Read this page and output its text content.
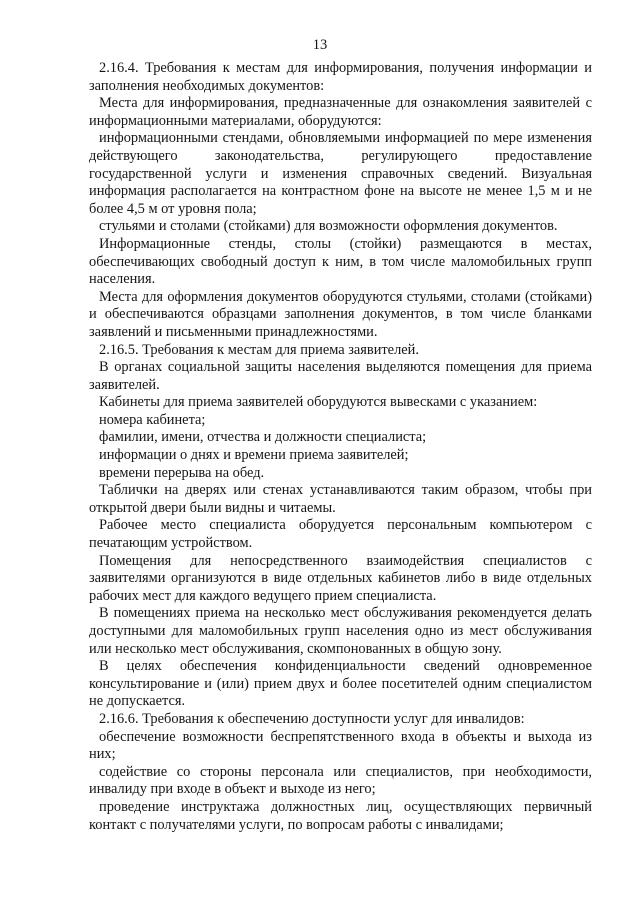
13

2.16.4. Требования к местам для информирования, получения информации и заполнения необходимых документов:

Места для информирования, предназначенные для ознакомления заявителей с информационными материалами, оборудуются:

информационными стендами, обновляемыми информацией по мере изменения действующего законодательства, регулирующего предоставление государственной услуги и изменения справочных сведений. Визуальная информация располагается на контрастном фоне на высоте не менее 1,5 м и не более 4,5 м от уровня пола;

стульями и столами (стойками) для возможности оформления документов.

Информационные стенды, столы (стойки) размещаются в местах, обеспечивающих свободный доступ к ним, в том числе маломобильных групп населения.

Места для оформления документов оборудуются стульями, столами (стойками) и обеспечиваются образцами заполнения документов, в том числе бланками заявлений и письменными принадлежностями.

2.16.5. Требования к местам для приема заявителей.

В органах социальной защиты населения выделяются помещения для приема заявителей.

Кабинеты для приема заявителей оборудуются вывесками с указанием:

номера кабинета;

фамилии, имени, отчества и должности специалиста;

информации о днях и времени приема заявителей;

времени перерыва на обед.

Таблички на дверях или стенах устанавливаются таким образом, чтобы при открытой двери были видны и читаемы.

Рабочее место специалиста оборудуется персональным компьютером с печатающим устройством.

Помещения для непосредственного взаимодействия специалистов с заявителями организуются в виде отдельных кабинетов либо в виде отдельных рабочих мест для каждого ведущего прием специалиста.

В помещениях приема на несколько мест обслуживания рекомендуется делать доступными для маломобильных групп населения одно из мест обслуживания или несколько мест обслуживания, скомпонованных в общую зону.

В целях обеспечения конфиденциальности сведений одновременное консультирование и (или) прием двух и более посетителей одним специалистом не допускается.

2.16.6. Требования к обеспечению доступности услуг для инвалидов:

обеспечение возможности беспрепятственного входа в объекты и выхода из них;

содействие со стороны персонала или специалистов, при необходимости, инвалиду при входе в объект и выходе из него;

проведение инструктажа должностных лиц, осуществляющих первичный контакт с получателями услуги, по вопросам работы с инвалидами;
